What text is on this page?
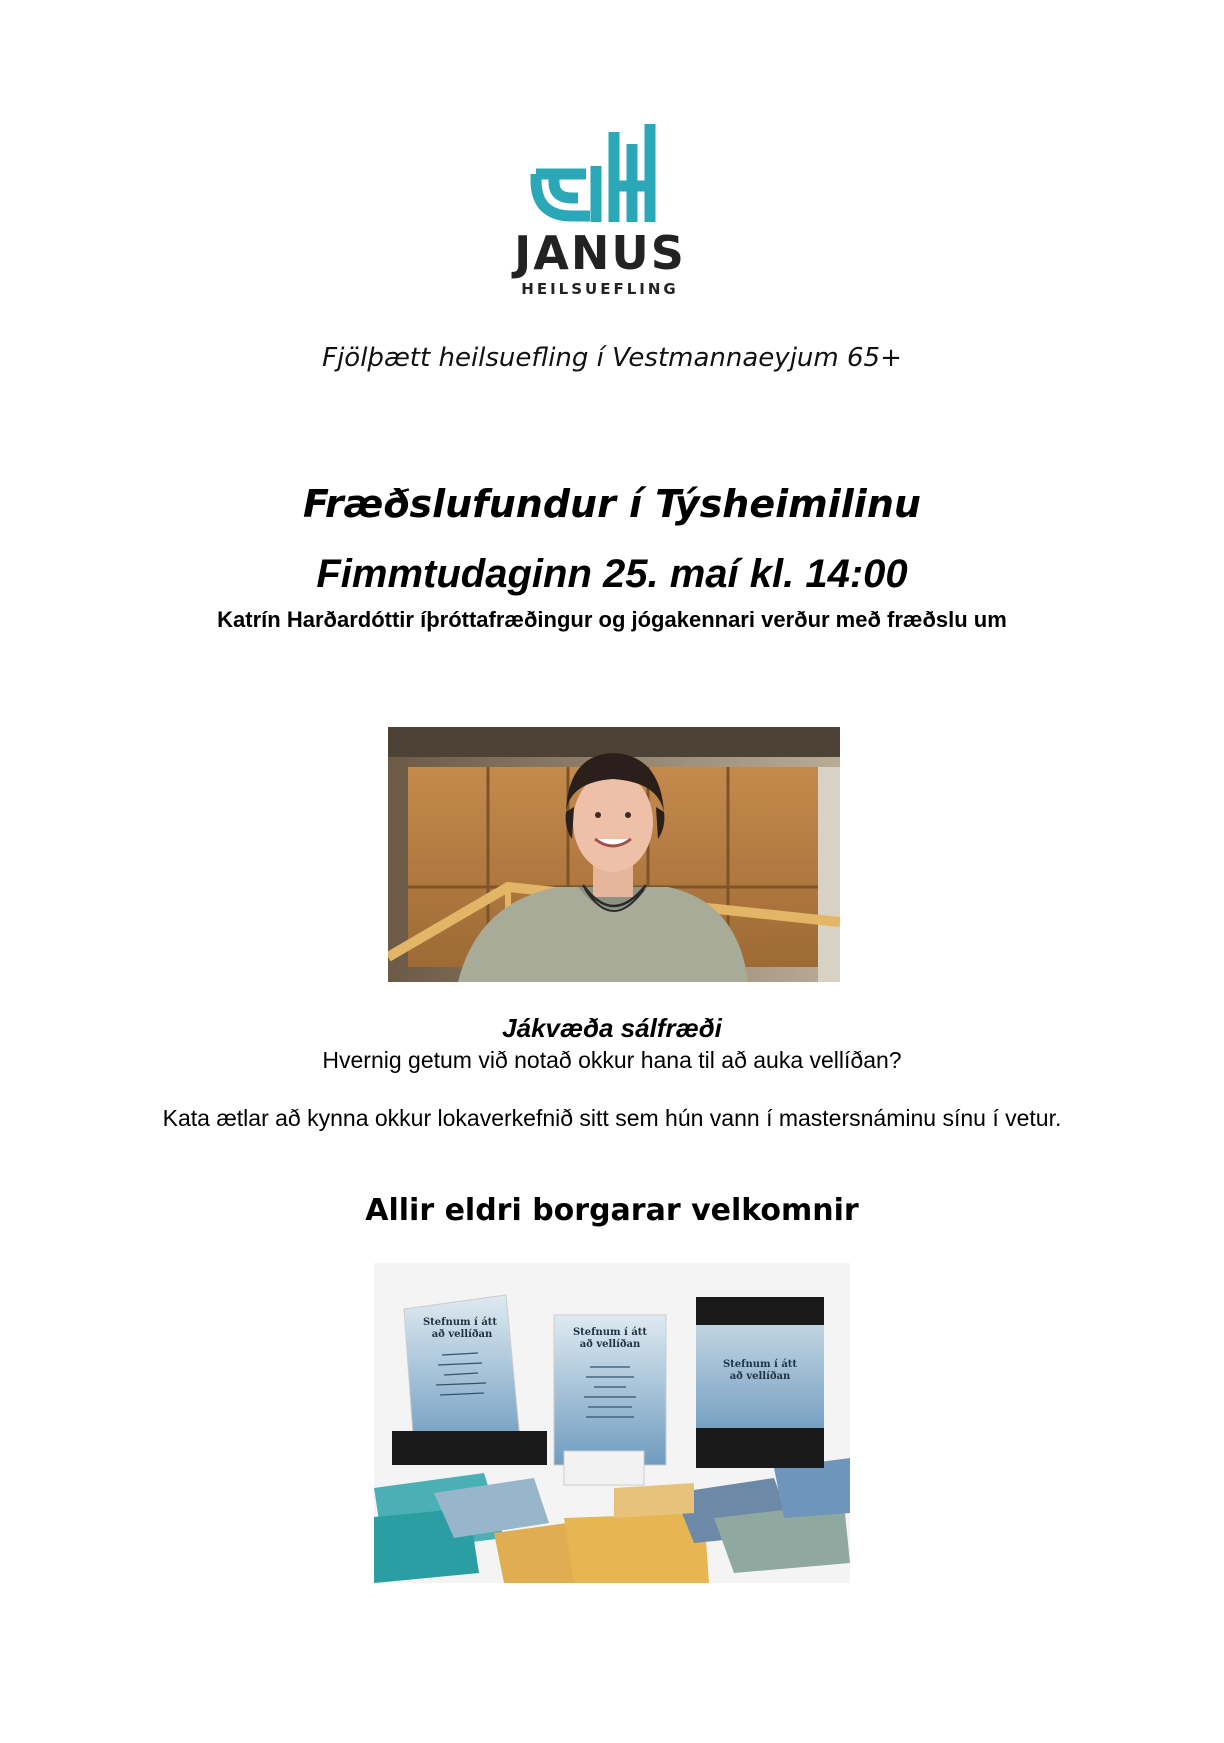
JANUS
HEILSUEFLING
Fjölþætt heilsuefling í Vestmannaeyjum 65+
Fræðslufundur í Týsheimilinu
Fimmtudaginn 25. maí kl. 14:00
Katrín Harðardóttir íþróttafræðingur og jógakennari verður með fræðslu um
Jákvæða sálfræði
Hvernig getum við notað okkur hana til að auka vellíðan?
Kata ætlar að kynna okkur lokaverkefnið sitt sem hún vann í mastersnáminu sínu í vetur.
Allir eldri borgarar velkomnir
Stefnum í átt
að vellíðan	Stefnum í átt
að vellíðan
Stefnum í átt
að vellíðan
